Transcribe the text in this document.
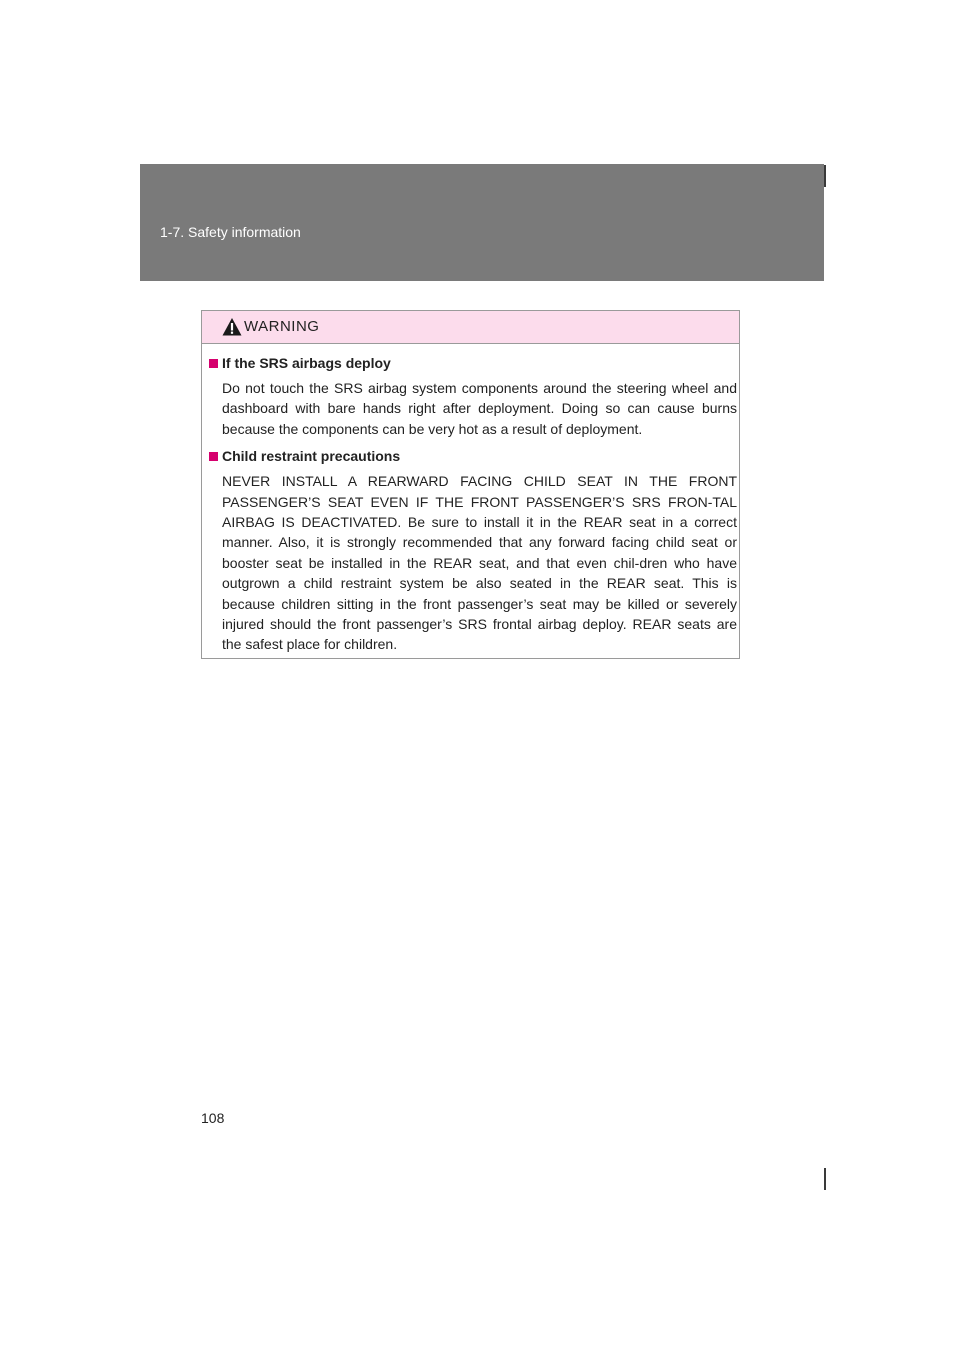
1-7. Safety information
WARNING
If the SRS airbags deploy
Do not touch the SRS airbag system components around the steering wheel and dashboard with bare hands right after deployment. Doing so can cause burns because the components can be very hot as a result of deployment.
Child restraint precautions
NEVER INSTALL A REARWARD FACING CHILD SEAT IN THE FRONT PASSENGER’S SEAT EVEN IF THE FRONT PASSENGER’S SRS FRON-TAL AIRBAG IS DEACTIVATED. Be sure to install it in the REAR seat in a correct manner. Also, it is strongly recommended that any forward facing child seat or booster seat be installed in the REAR seat, and that even chil-dren who have outgrown a child restraint system be also seated in the REAR seat. This is because children sitting in the front passenger’s seat may be killed or severely injured should the front passenger’s SRS frontal airbag deploy. REAR seats are the safest place for children.
108
